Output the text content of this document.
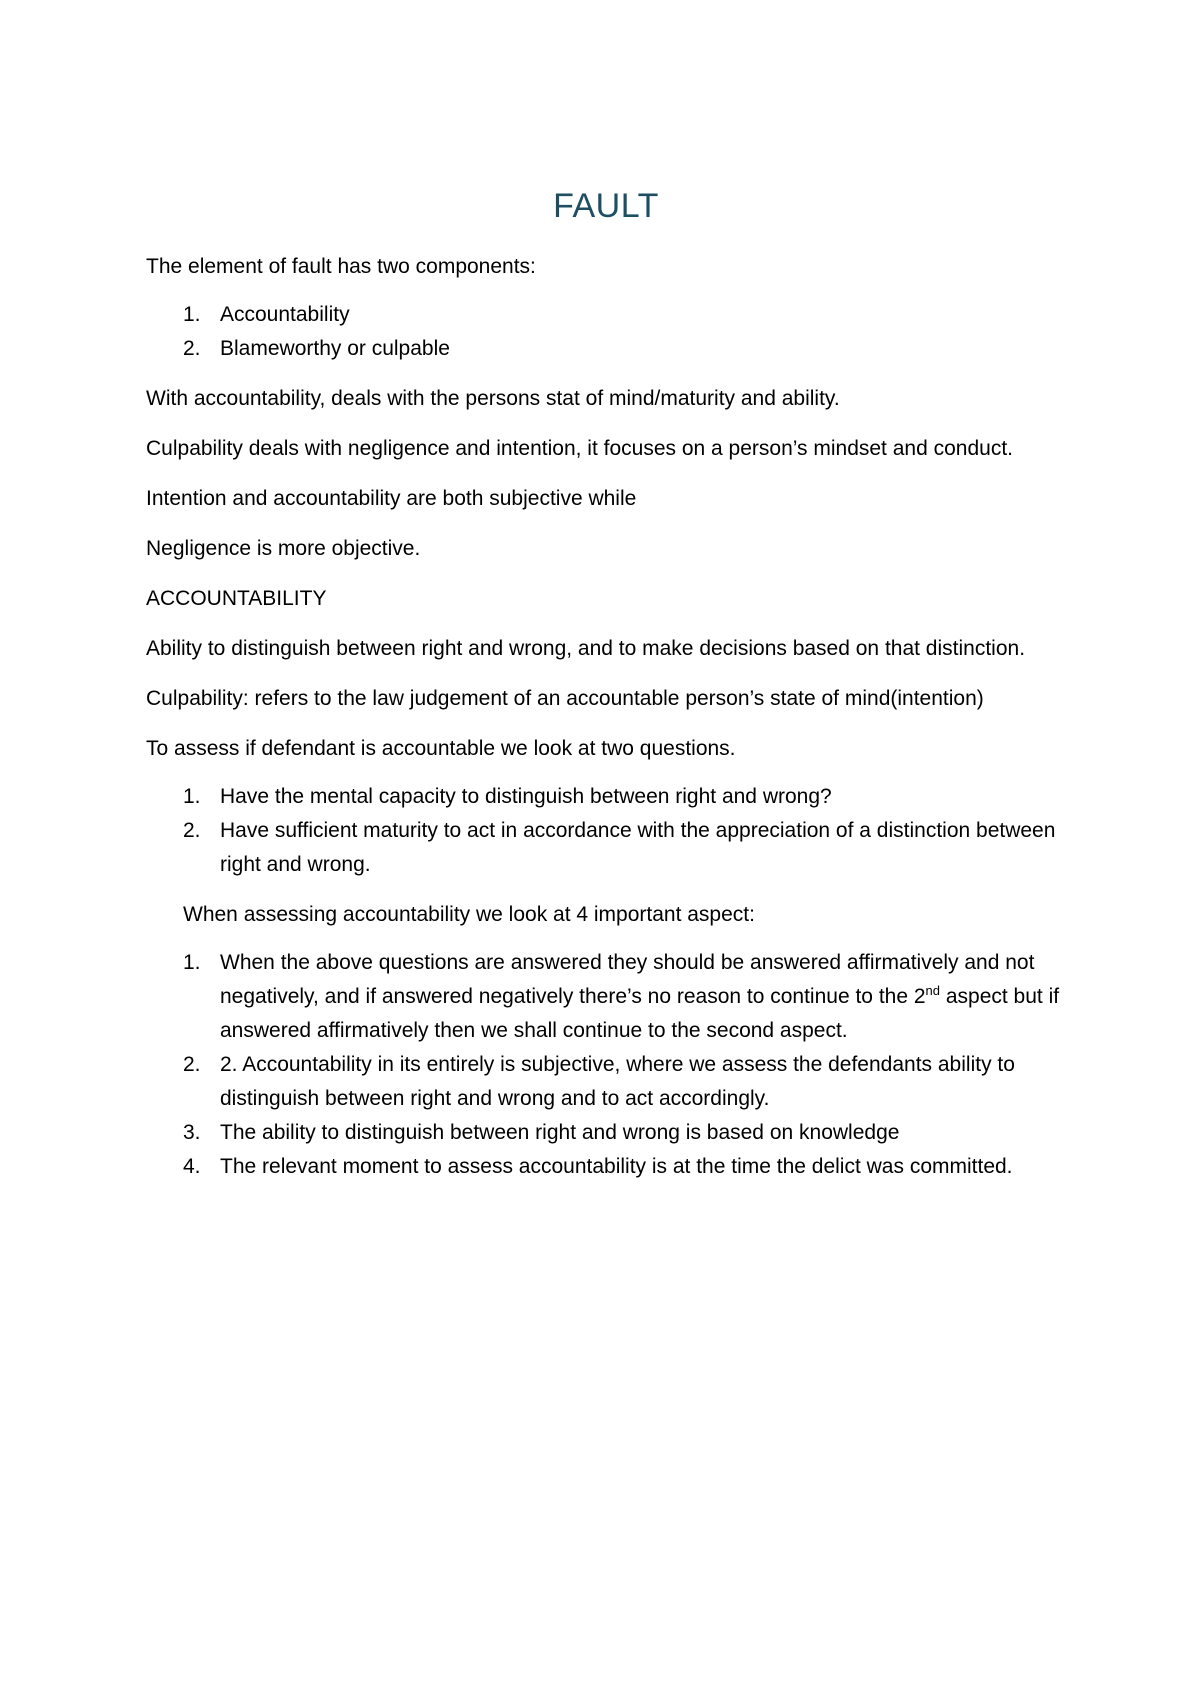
FAULT

The element of fault has two components:

1. Accountability
2. Blameworthy or culpable

With accountability, deals with the persons stat of mind/maturity and ability.

Culpability deals with negligence and intention, it focuses on a person’s mindset and conduct.

Intention and accountability are both subjective while

Negligence is more objective.

ACCOUNTABILITY

Ability to distinguish between right and wrong, and to make decisions based on that distinction.

Culpability: refers to the law judgement of an accountable person’s state of mind(intention)

To assess if defendant is accountable we look at two questions.

1. Have the mental capacity to distinguish between right and wrong?
2. Have sufficient maturity to act in accordance with the appreciation of a distinction between right and wrong.

When assessing accountability we look at 4 important aspect:

1. When the above questions are answered they should be answered affirmatively and not negatively, and if answered negatively there’s no reason to continue to the 2nd aspect but if answered affirmatively then we shall continue to the second aspect.
2. 2. Accountability in its entirely is subjective, where we assess the defendants ability to distinguish between right and wrong and to act accordingly.
3. The ability to distinguish between right and wrong is based on knowledge
4. The relevant moment to assess accountability is at the time the delict was committed.
